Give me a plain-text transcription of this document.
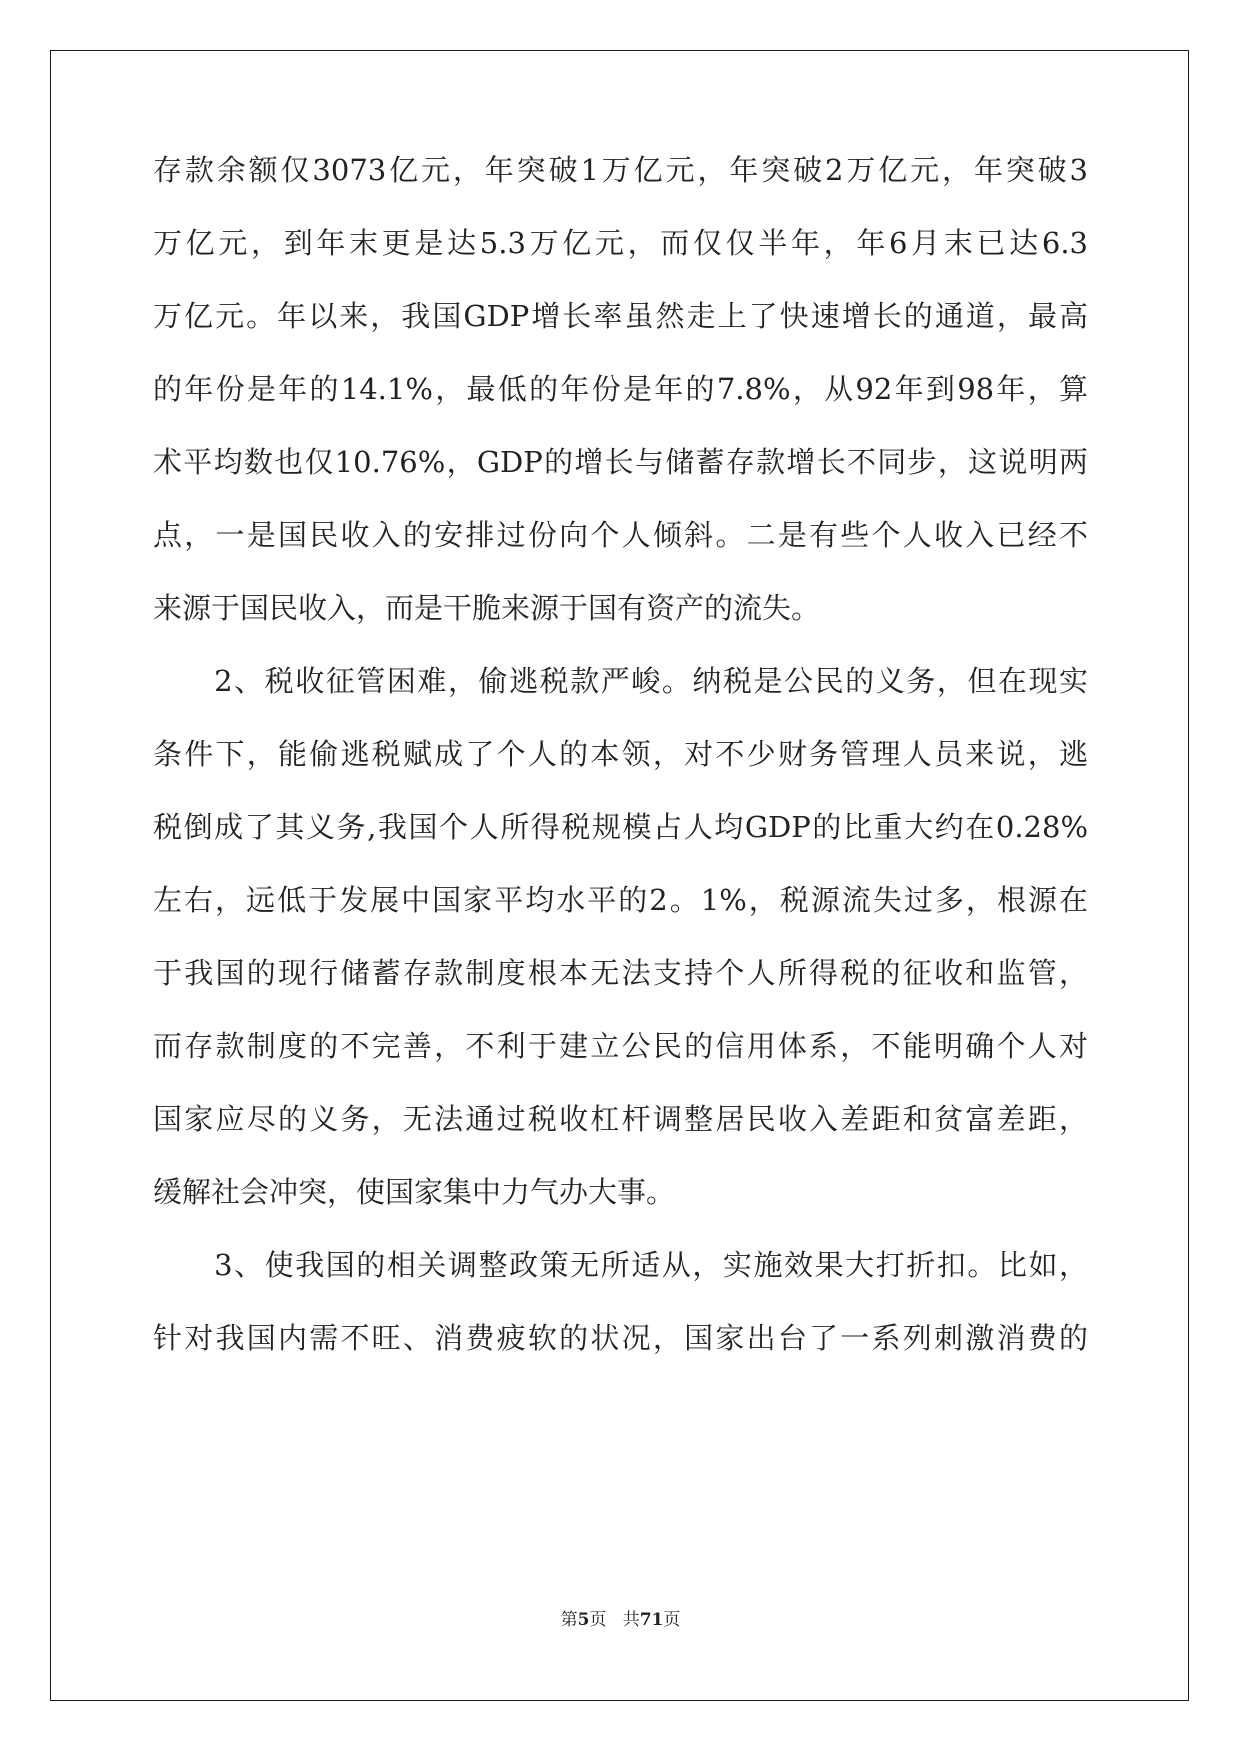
存款余额仅3073亿元，年突破1万亿元，年突破2万亿元，年突破3
万亿元，到年末更是达5.3万亿元，而仅仅半年，年6月末已达6.3
万亿元。年以来，我国GDP增长率虽然走上了快速增长的通道，最高
的年份是年的14.1%，最低的年份是年的7.8%，从92年到98年，算
术平均数也仅10.76%，GDP的增长与储蓄存款增长不同步，这说明两
点，一是国民收入的安排过份向个人倾斜。二是有些个人收入已经不
来源于国民收入，而是干脆来源于国有资产的流失。
　　2、税收征管困难，偷逃税款严峻。纳税是公民的义务，但在现实
条件下，能偷逃税赋成了个人的本领，对不少财务管理人员来说，逃
税倒成了其义务,我国个人所得税规模占人均GDP的比重大约在0.28%
左右，远低于发展中国家平均水平的2。1%，税源流失过多，根源在
于我国的现行储蓄存款制度根本无法支持个人所得税的征收和监管，
而存款制度的不完善，不利于建立公民的信用体系，不能明确个人对
国家应尽的义务，无法通过税收杠杆调整居民收入差距和贫富差距，
缓解社会冲突，使国家集中力气办大事。
　　3、使我国的相关调整政策无所适从，实施效果大打折扣。比如，
针对我国内需不旺、消费疲软的状况，国家出台了一系列刺激消费的
第5页 共71页
